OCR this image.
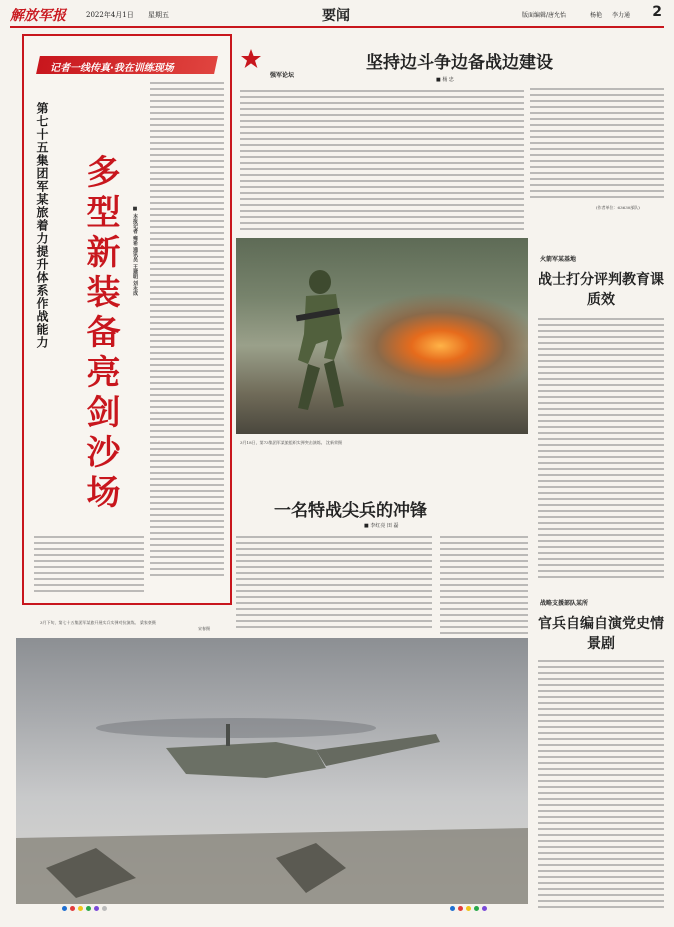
解放军报	2022年4月1日 星期五	要闻	版面编辑/唐允怡	杨艳 李力通 2
记者一线传真·我在训练现场
第七十五集团军某旅着力提升体系作战能力 多型新装备亮剑沙场	■ 本报记者 雍希 通讯员 王建明 刘永成
3月下旬，第七十五集团军某旅开展实兵实弹对抗演练。 梁家豪摄
强军论坛
坚持边斗争边备战边建设
■ 杨 忠
(作者单位：63630部队)
3月18日，第73集团军某旅组织实弹突击演练。 沈新荣摄
一名特战尖兵的冲锋
■ 李红亮 田 磊
火箭军某基地
战士打分评判教育课质效
战略支援部队某所
官兵自编自演党史情景剧
宋春摄
